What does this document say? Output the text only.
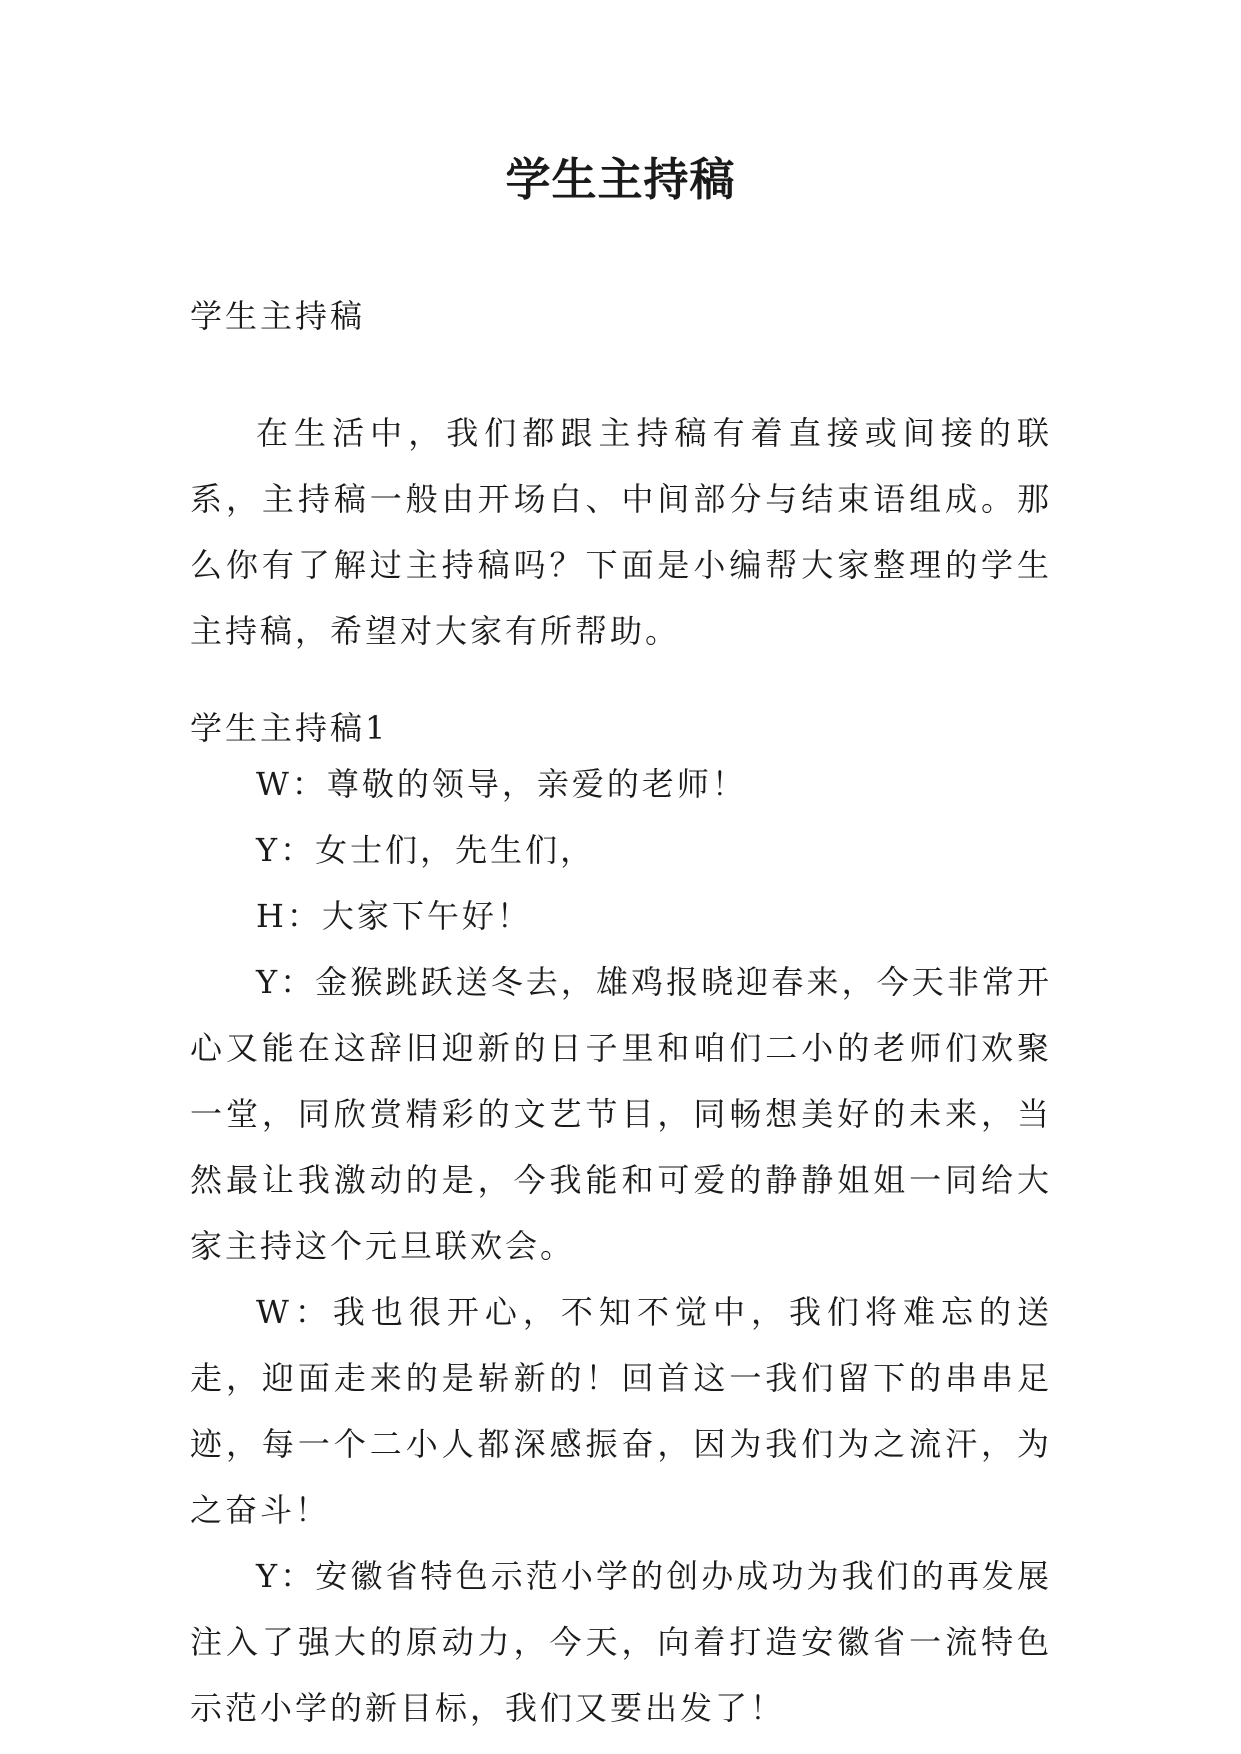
学生主持稿
学生主持稿
在生活中，我们都跟主持稿有着直接或间接的联系，主持稿一般由开场白、中间部分与结束语组成。那么你有了解过主持稿吗？下面是小编帮大家整理的学生主持稿，希望对大家有所帮助。
学生主持稿1

W：尊敬的领导，亲爱的老师！

Y：女士们，先生们，

H：大家下午好！

Y：金猴跳跃送冬去，雄鸡报晓迎春来，今天非常开心又能在这辞旧迎新的日子里和咱们二小的老师们欢聚一堂，同欣赏精彩的文艺节目，同畅想美好的未来，当然最让我激动的是，今我能和可爱的静静姐姐一同给大家主持这个元旦联欢会。

W：我也很开心，不知不觉中，我们将难忘的送走，迎面走来的是崭新的！回首这一我们留下的串串足迹，每一个二小人都深感振奋，因为我们为之流汗，为之奋斗！

Y：安徽省特色示范小学的创办成功为我们的再发展注入了强大的原动力，今天，向着打造安徽省一流特色示范小学的新目标，我们又要出发了！
